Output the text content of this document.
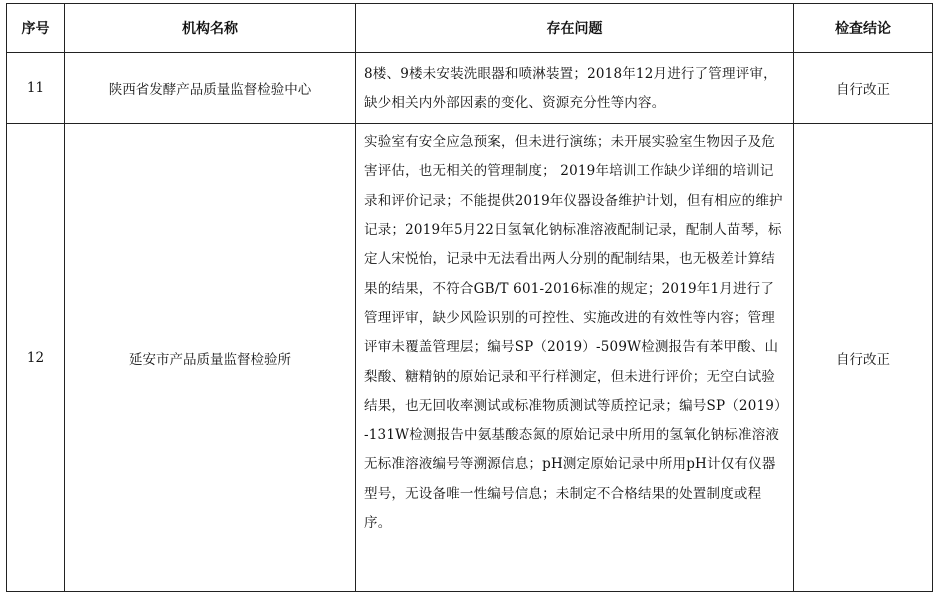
序号	机构名称	存在问题	检查结论
11	陕西省发酵产品质量监督检验中心	8楼、9楼未安装洗眼器和喷淋装置；2018年12月进行了管理评审，缺少相关内外部因素的变化、资源充分性等内容。	自行改正
12	延安市产品质量监督检验所	实验室有安全应急预案，但未进行演练；未开展实验室生物因子及危害评估，也无相关的管理制度； 2019年培训工作缺少详细的培训记录和评价记录；不能提供2019年仪器设备维护计划，但有相应的维护记录；2019年5月22日氢氧化钠标准溶液配制记录，配制人苗琴，标定人宋悦怡，记录中无法看出两人分别的配制结果，也无极差计算结果的结果，不符合GB/T 601-2016标准的规定；2019年1月进行了管理评审，缺少风险识别的可控性、实施改进的有效性等内容；管理评审未覆盖管理层；编号SP（2019）-509W检测报告有苯甲酸、山梨酸、糖精钠的原始记录和平行样测定，但未进行评价；无空白试验结果，也无回收率测试或标准物质测试等质控记录；编号SP（2019）-131W检测报告中氨基酸态氮的原始记录中所用的氢氧化钠标准溶液无标准溶液编号等溯源信息；pH测定原始记录中所用pH计仅有仪器型号，无设备唯一性编号信息；未制定不合格结果的处置制度或程序。	自行改正
